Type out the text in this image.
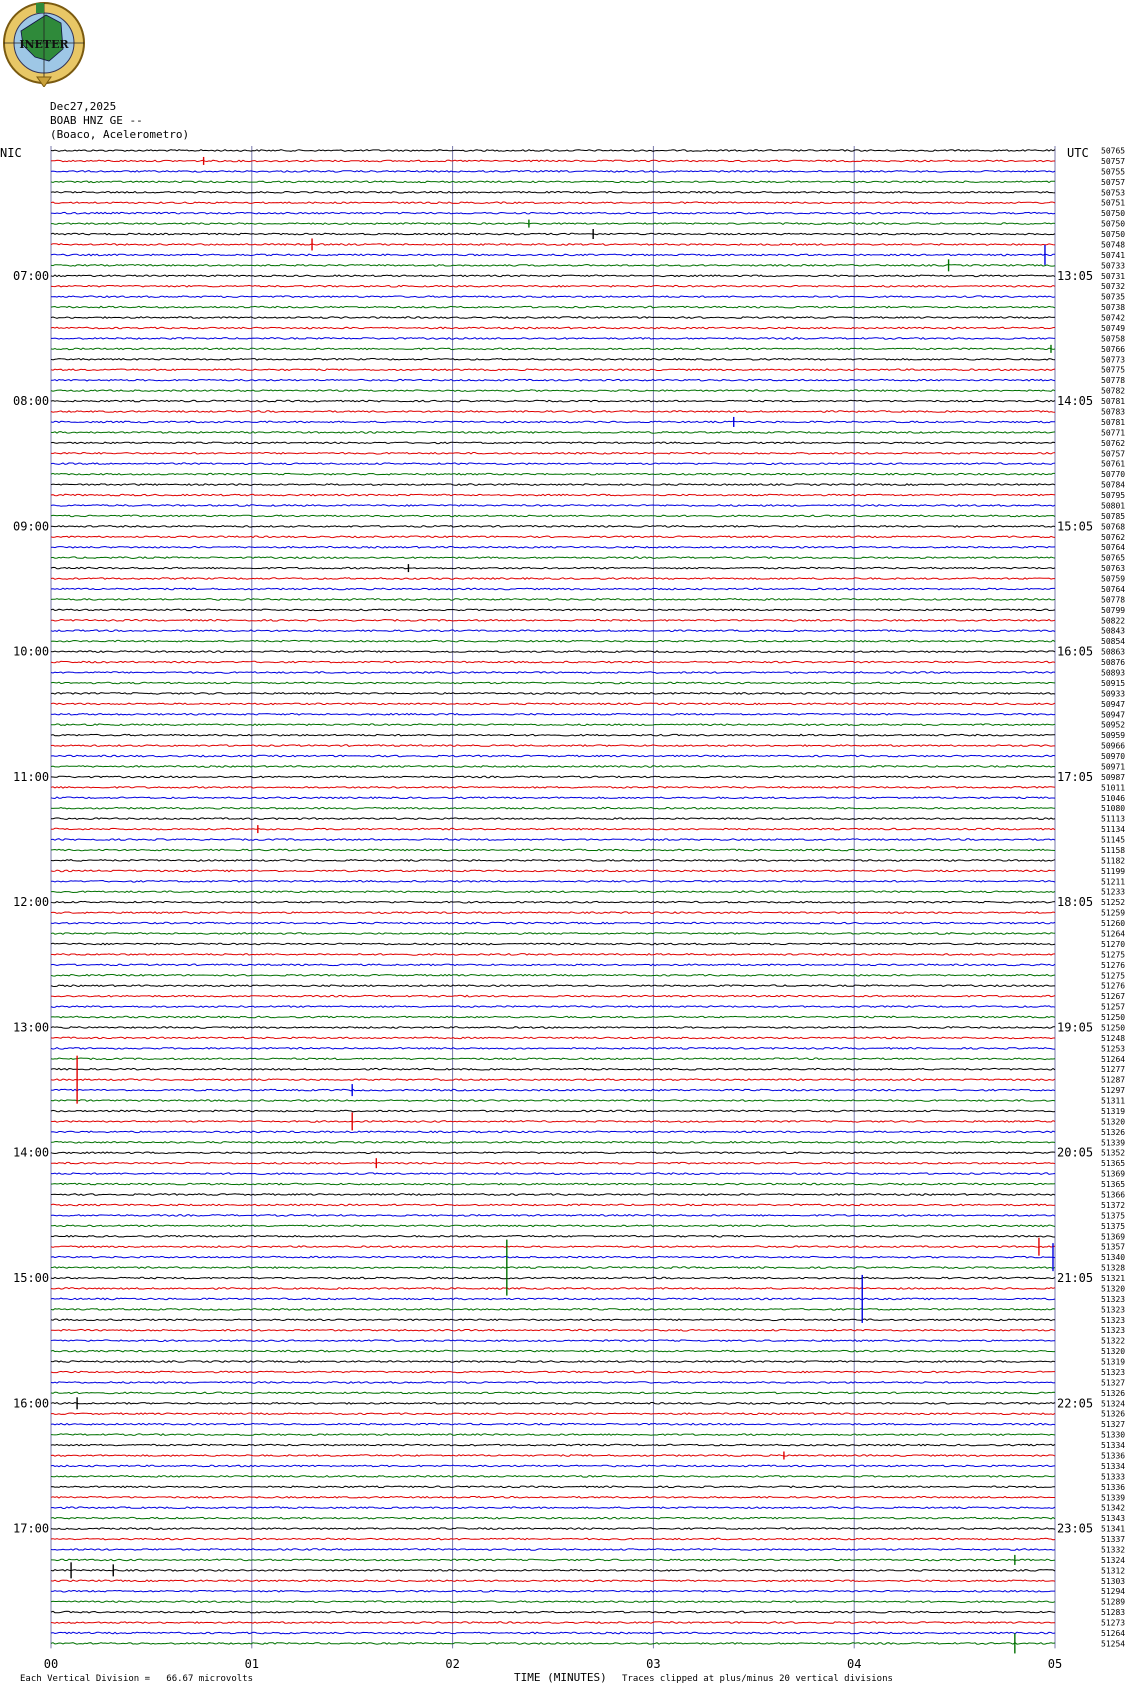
07:00
08:00
09:00
10:00
11:00
12:00
13:00
14:00
15:00
16:00
17:00
13:05
14:05
15:05
16:05
17:05
18:05
19:05
20:05
21:05
22:05
23:05
50765
50757
50755
50757
50753
50751
50750
50750
50750
50748
50741
50733
50731
50732
50735
50738
50742
50749
50758
50766
50773
50775
50778
50782
50781
50783
50781
50771
50762
50757
50761
50770
50784
50795
50801
50785
50768
50762
50764
50765
50763
50759
50764
50778
50799
50822
50843
50854
50863
50876
50893
50915
50933
50947
50947
50952
50959
50966
50970
50971
50987
51011
51046
51080
51113
51134
51145
51158
51182
51199
51211
51233
51252
51259
51260
51264
51270
51275
51276
51275
51276
51267
51257
51250
51250
51248
51253
51264
51277
51287
51297
51311
51319
51320
51326
51339
51352
51365
51369
51365
51366
51372
51375
51375
51369
51357
51340
51328
51321
51320
51323
51323
51323
51323
51322
51320
51319
51323
51327
51326
51324
51326
51327
51330
51334
51336
51334
51333
51336
51339
51342
51343
51341
51337
51332
51324
51312
51303
51294
51289
51283
51273
51264
51254
00	01	02	03	04	05
NIC	UTC
Each Vertical Division =   66.67 microvolts	TIME (MINUTES) Traces clipped at plus/minus 20 vertical divisions
INETER
Dec27,2025
BOAB HNZ GE --
(Boaco, Acelerometro)
